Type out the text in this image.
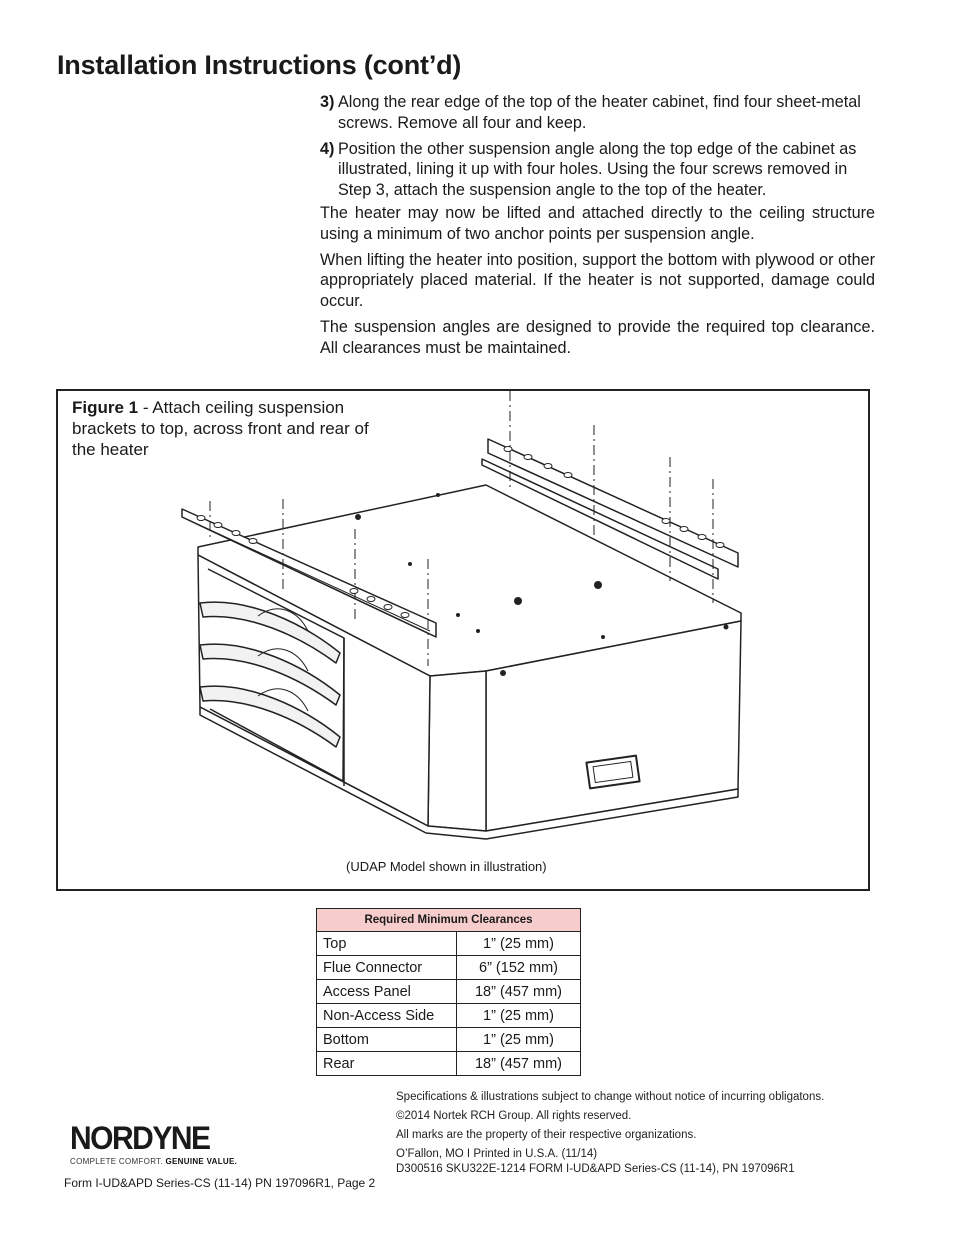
Installation Instructions (cont’d)
3) Along the rear edge of the top of the heater cabinet, find four sheet-metal screws. Remove all four and keep.
4) Position the other suspension angle along the top edge of the cabinet as illustrated, lining it up with four holes. Using the four screws removed in Step 3, attach the suspension angle to the top of the heater.

The heater may now be lifted and attached directly to the ceiling structure using a minimum of two anchor points per suspension angle.

When lifting the heater into position, support the bottom with plywood or other appropriately placed material. If the heater is not supported, damage could occur.

The suspension angles are designed to provide the required top clearance. All clearances must be maintained.

Figure 1 - Attach ceiling suspension brackets to top, across front and rear of the heater
(UDAP Model shown in illustration)
Required Minimum Clearances	
Top	1” (25 mm)
Flue Connector	6” (152 mm)
Access Panel	18” (457 mm)
Non-Access Side	1” (25 mm)
Bottom	1” (25 mm)
Rear	18” (457 mm)
NORDYNE
COMPLETE COMFORT. GENUINE VALUE.
Form I-UD&APD Series-CS (11-14) PN 197096R1, Page 2
Specifications & illustrations subject to change without notice of incurring obligatons.
©2014 Nortek RCH Group. All rights reserved.
All marks are the property of their respective organizations.
O’Fallon, MO I Printed in U.S.A. (11/14)
D300516 SKU322E-1214 FORM I-UD&APD Series-CS (11-14), PN 197096R1
